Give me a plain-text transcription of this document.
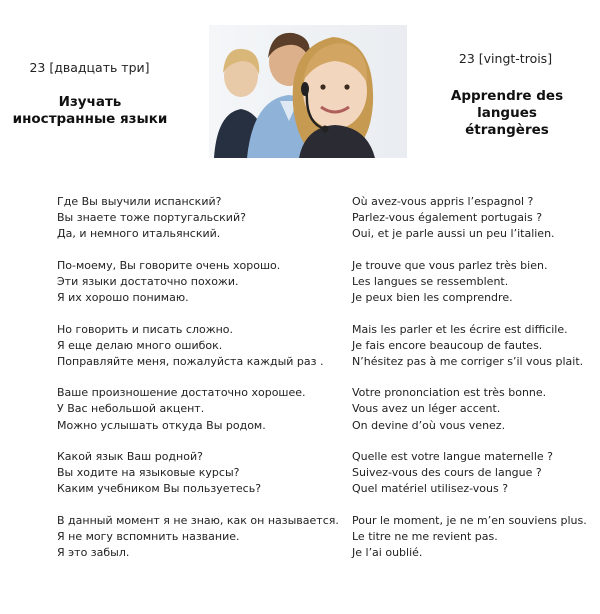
23 [двадцать три]
Изучать
иностранные языки
23 [vingt-trois]
Apprendre des
langues
étrangères
Где Вы выучили испанский?
Вы знаете тоже португальский?
Да, и немного итальянский.
По-моему, Вы говорите очень хорошо.
Эти языки достаточно похожи.
Я их хорошо понимаю.
Но говорить и писать сложно.
Я еще делаю много ошибок.
Поправляйте меня, пожалуйста каждый раз .
Ваше произношение достаточно хорошее.
У Вас небольшой акцент.
Можно услышать откуда Вы родом.
Какой язык Ваш родной?
Вы ходите на языковые курсы?
Каким учебником Вы пользуетесь?
В данный момент я не знаю, как он называется.
Я не могу вспомнить название.
Я это забыл.
Où avez-vous appris l’espagnol ?
Parlez-vous également portugais ?
Oui, et je parle aussi un peu l’italien.
Je trouve que vous parlez très bien.
Les langues se ressemblent.
Je peux bien les comprendre.
Mais les parler et les écrire est difficile.
Je fais encore beaucoup de fautes.
N’hésitez pas à me corriger s’il vous plait.
Votre prononciation est très bonne.
Vous avez un léger accent.
On devine d’où vous venez.
Quelle est votre langue maternelle ?
Suivez-vous des cours de langue ?
Quel matériel utilisez-vous ?
Pour le moment, je ne m’en souviens plus.
Le titre ne me revient pas.
Je l’ai oublié.
